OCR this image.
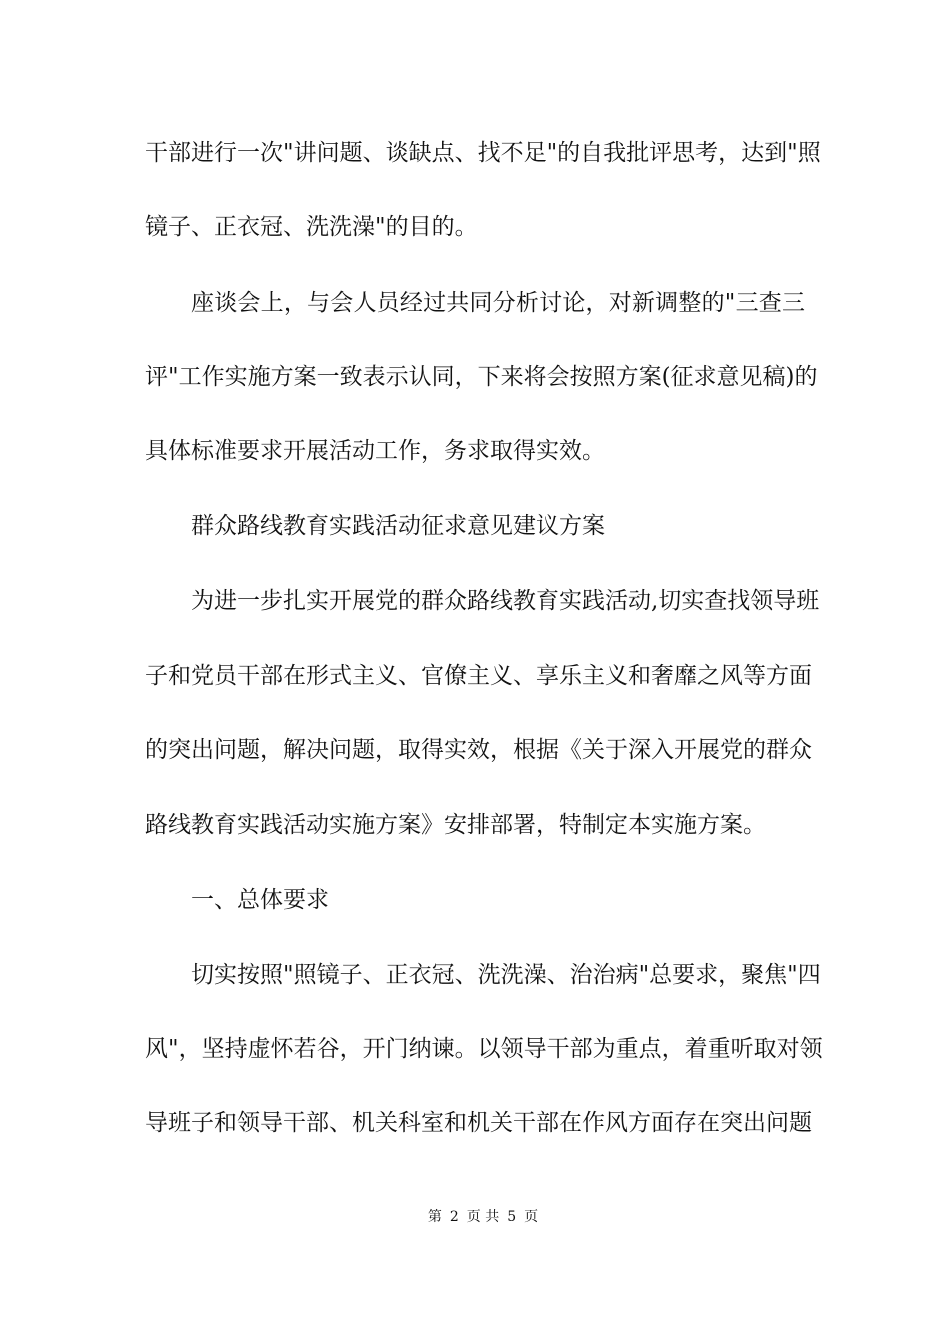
干部进行一次"讲问题、谈缺点、找不足"的自我批评思考，达到"照
镜子、正衣冠、洗洗澡"的目的。
座谈会上，与会人员经过共同分析讨论，对新调整的"三查三
评"工作实施方案一致表示认同，下来将会按照方案(征求意见稿)的
具体标准要求开展活动工作，务求取得实效。
群众路线教育实践活动征求意见建议方案
为进一步扎实开展党的群众路线教育实践活动,切实查找领导班
子和党员干部在形式主义、官僚主义、享乐主义和奢靡之风等方面
的突出问题，解决问题，取得实效，根据《关于深入开展党的群众
路线教育实践活动实施方案》安排部署，特制定本实施方案。
一、总体要求
切实按照"照镜子、正衣冠、洗洗澡、治治病"总要求，聚焦"四
风"，坚持虚怀若谷，开门纳谏。以领导干部为重点，着重听取对领
导班子和领导干部、机关科室和机关干部在作风方面存在突出问题
第 2 页 共 5 页
